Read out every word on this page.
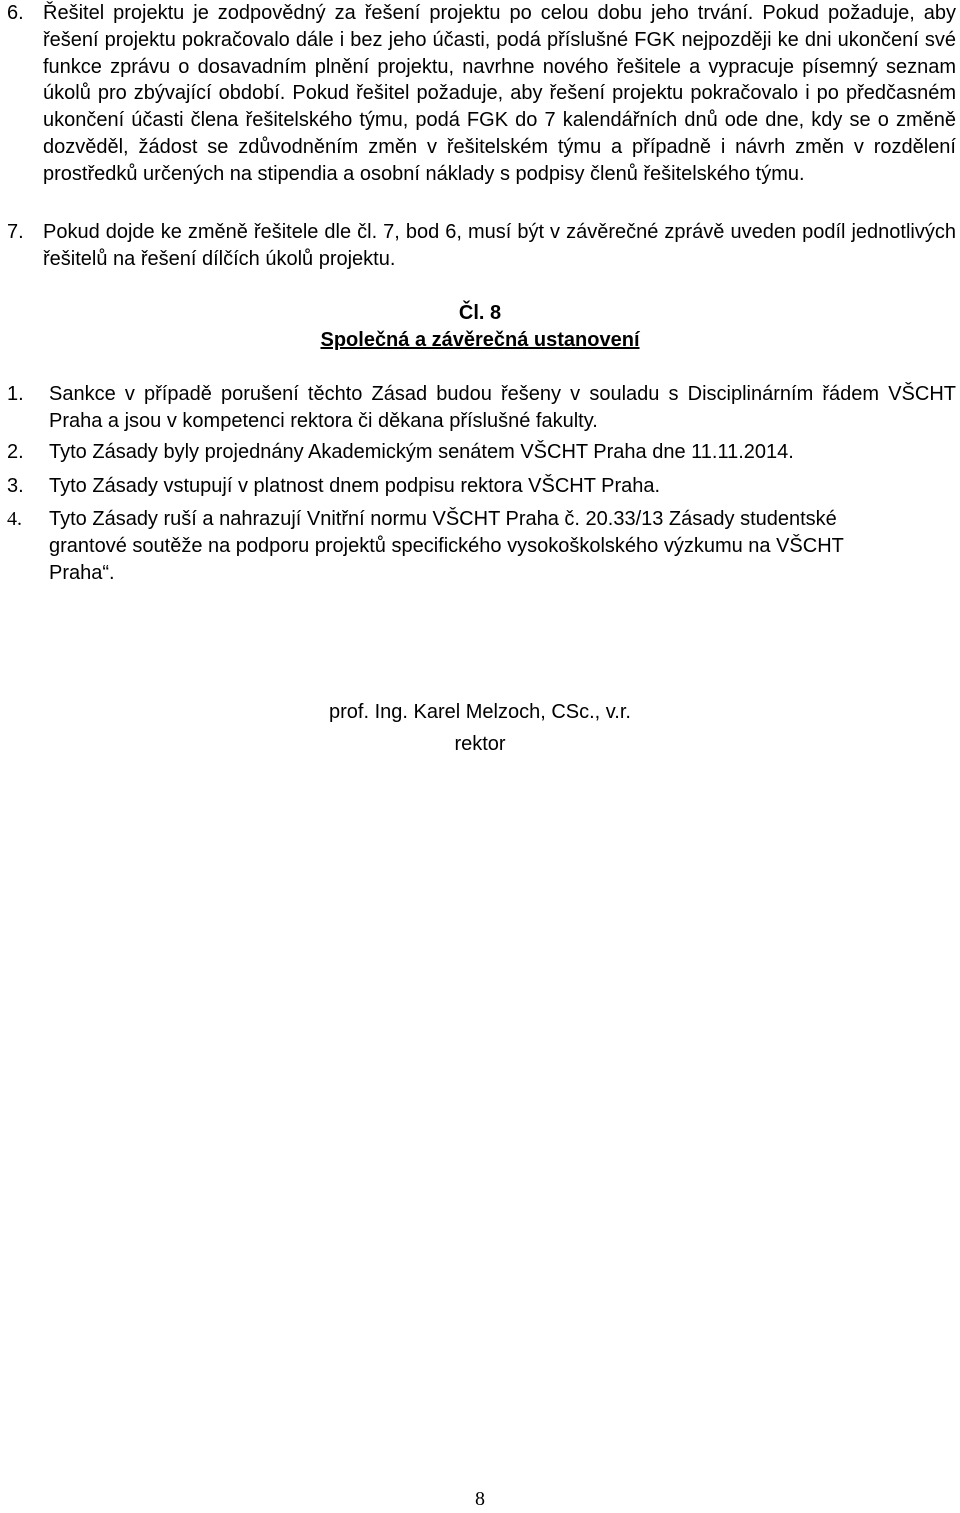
6. Řešitel projektu je zodpovědný za řešení projektu po celou dobu jeho trvání. Pokud požaduje, aby řešení projektu pokračovalo dále i bez jeho účasti, podá příslušné FGK nejpozději ke dni ukončení své funkce zprávu o dosavadním plnění projektu, navrhne nového řešitele a vypracuje písemný seznam úkolů pro zbývající období. Pokud řešitel požaduje, aby řešení projektu pokračovalo i po předčasném ukončení účasti člena řešitelského týmu, podá FGK do 7 kalendářních dnů ode dne, kdy se o změně dozvěděl, žádost se zdůvodněním změn v řešitelském týmu a případně i návrh změn v rozdělení prostředků určených na stipendia a osobní náklady s podpisy členů řešitelského týmu.

7. Pokud dojde ke změně řešitele dle čl. 7, bod 6, musí být v závěrečné zprávě uveden podíl jednotlivých řešitelů na řešení dílčích úkolů projektu.

Čl. 8

Společná a závěrečná ustanovení

1. Sankce v případě porušení těchto Zásad budou řešeny v souladu s Disciplinárním řádem VŠCHT Praha a jsou v kompetenci rektora či děkana příslušné fakulty.

2. Tyto Zásady byly projednány Akademickým senátem VŠCHT Praha dne 11.11.2014.

3. Tyto Zásady vstupují v platnost dnem podpisu rektora VŠCHT Praha.

4. Tyto Zásady ruší a nahrazují Vnitřní normu VŠCHT Praha č. 20.33/13 Zásady studentské grantové soutěže na podporu projektů specifického vysokoškolského výzkumu na VŠCHT Praha“.

prof. Ing. Karel Melzoch, CSc., v.r.

rektor

8
